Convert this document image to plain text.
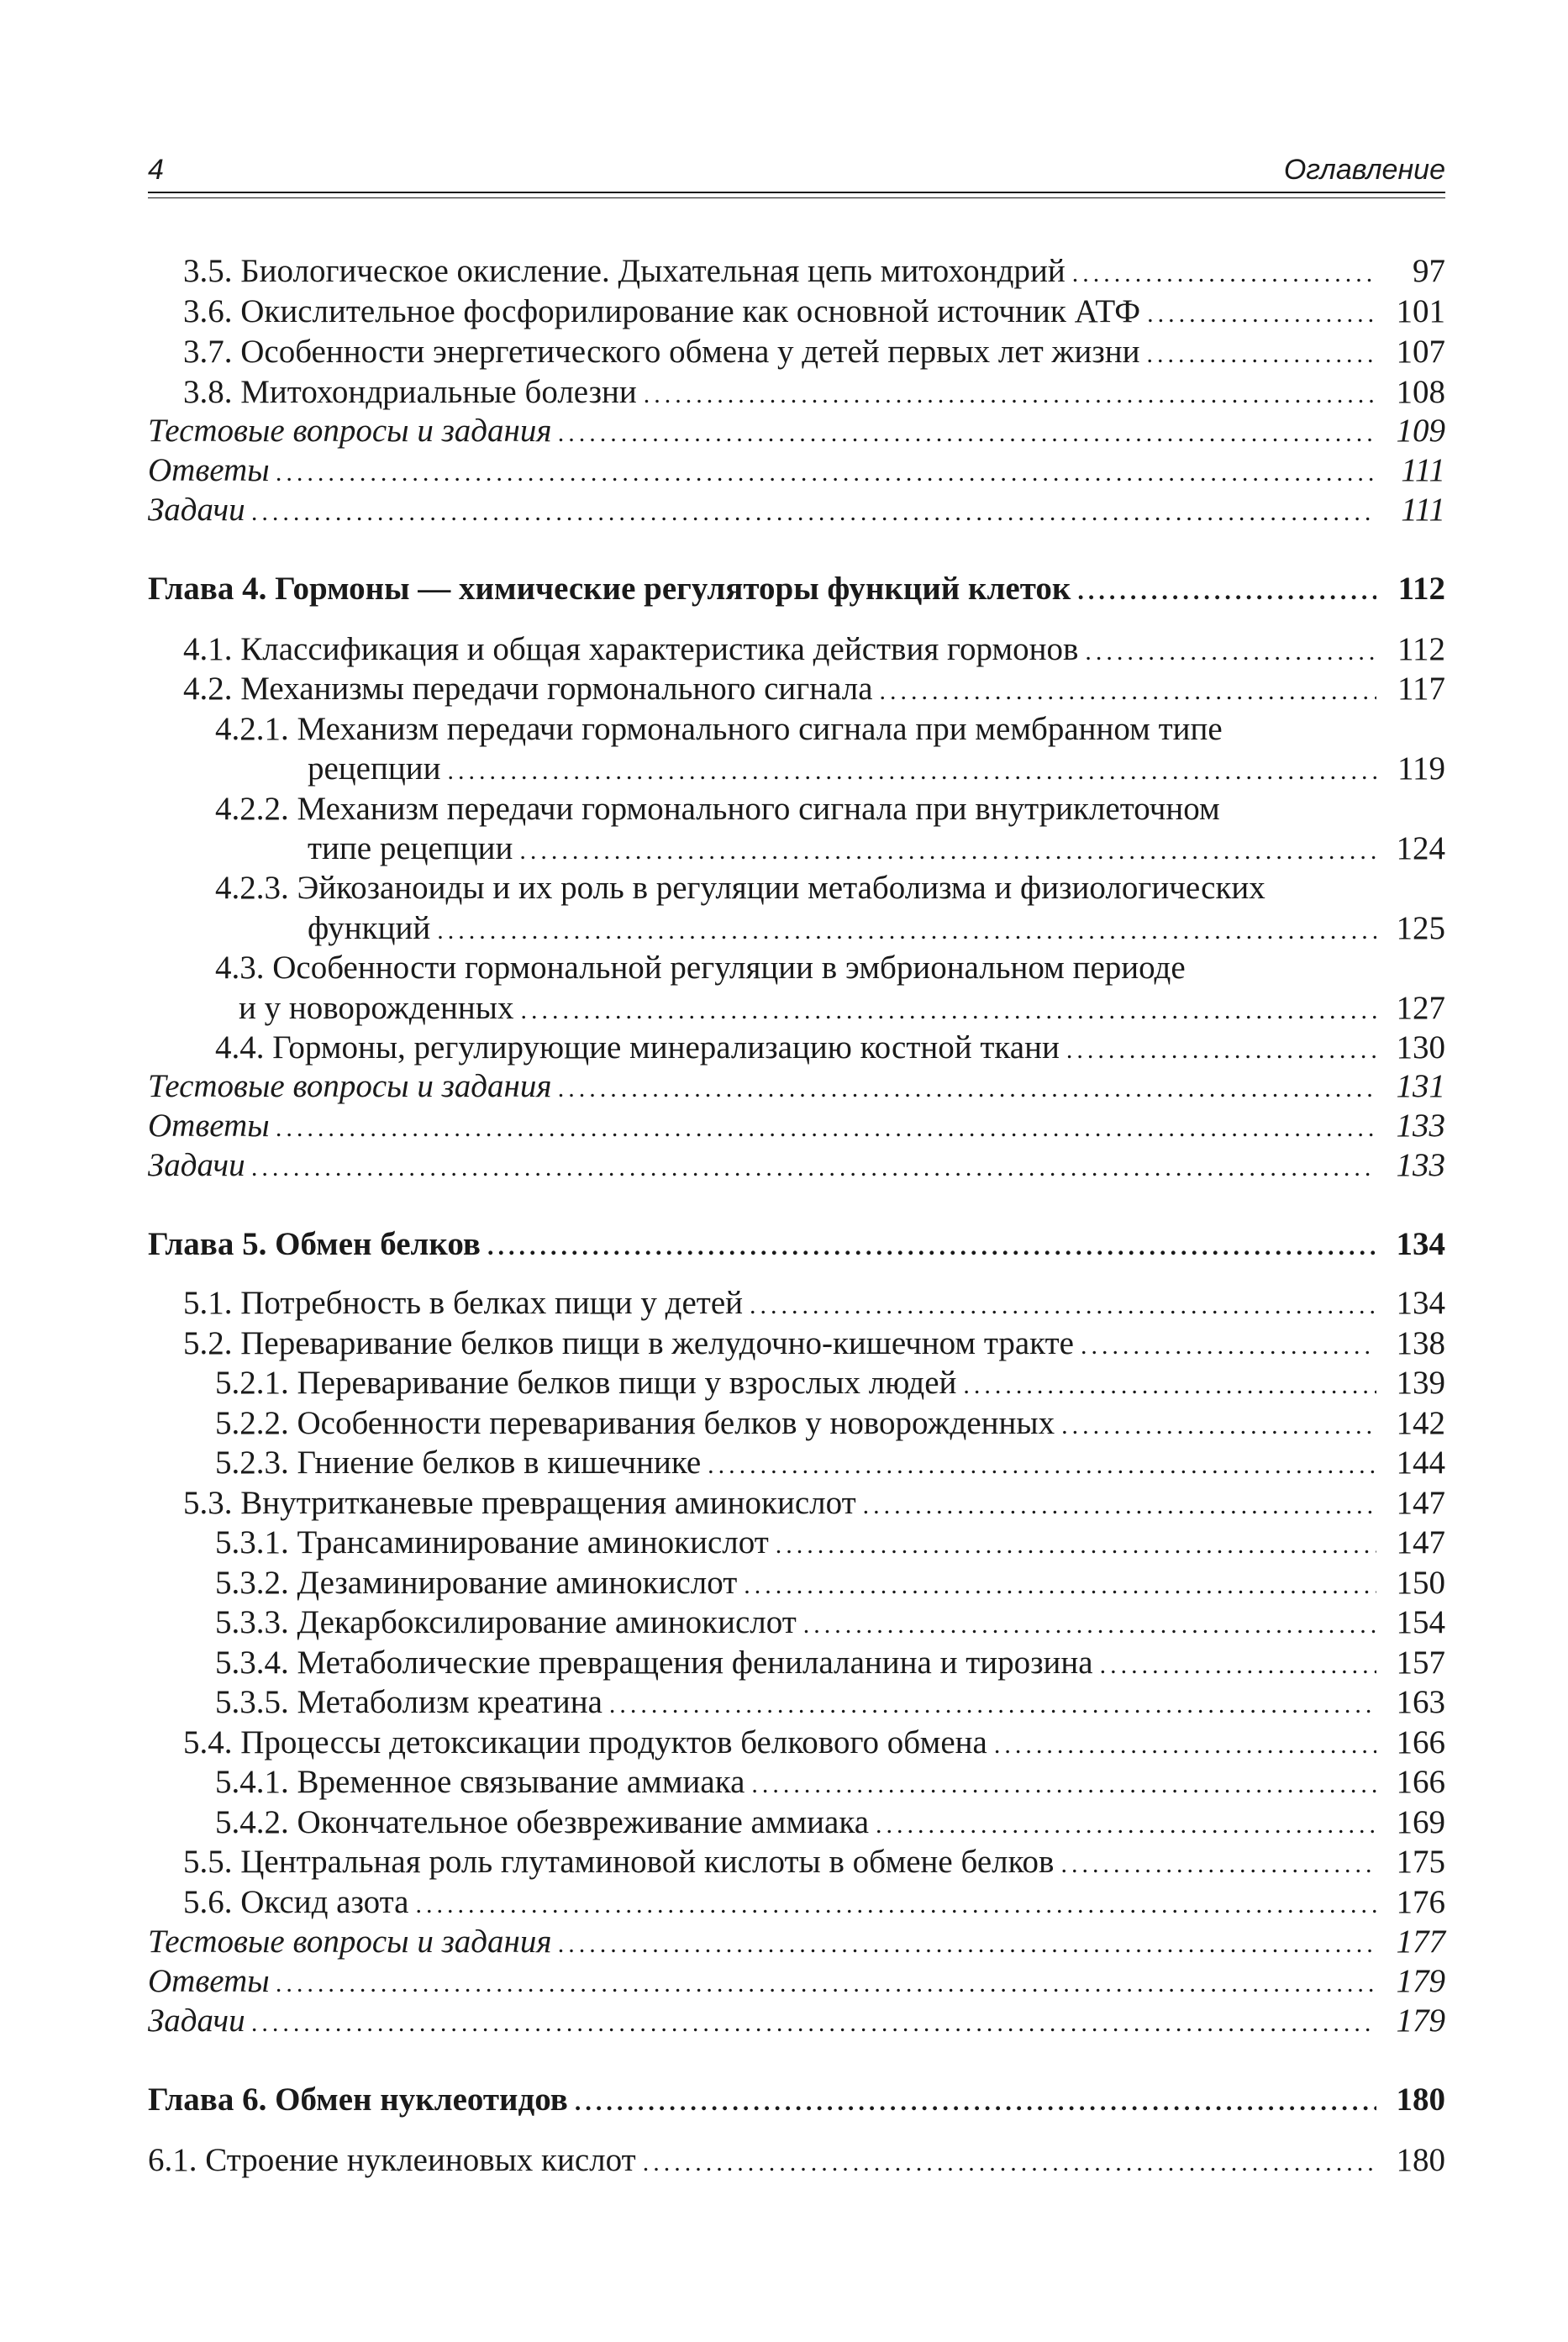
4	Оглавление
3.5. Биологическое окисление. Дыхательная цепь митохондрий .....	97
3.6. Окислительное фосфорилирование как основной источник АТФ .....	101
3.7. Особенности энергетического обмена у детей первых лет жизни .....	107
3.8. Митохондриальные болезни .....	108
Тестовые вопросы и задания .....	109
Ответы .....	111
Задачи .....	111
Глава 4. Гормоны — химические регуляторы функций клеток .....	112
4.1. Классификация и общая характеристика действия гормонов .....	112
4.2. Механизмы передачи гормонального сигнала .....	117
4.2.1. Механизм передачи гормонального сигнала при мембранном типе
рецепции .....	119
4.2.2. Механизм передачи гормонального сигнала при внутриклеточном
типе рецепции .....	124
4.2.3. Эйкозаноиды и их роль в регуляции метаболизма и физиологических
функций .....	125
4.3. Особенности гормональной регуляции в эмбриональном периоде
и у новорожденных .....	127
4.4. Гормоны, регулирующие минерализацию костной ткани .....	130
Тестовые вопросы и задания .....	131
Ответы .....	133
Задачи .....	133
Глава 5. Обмен белков .....	134
5.1. Потребность в белках пищи у детей .....	134
5.2. Переваривание белков пищи в желудочно-кишечном тракте .....	138
5.2.1. Переваривание белков пищи у взрослых людей .....	139
5.2.2. Особенности переваривания белков у новорожденных .....	142
5.2.3. Гниение белков в кишечнике .....	144
5.3. Внутритканевые превращения аминокислот .....	147
5.3.1. Трансаминирование аминокислот .....	147
5.3.2. Дезаминирование аминокислот .....	150
5.3.3. Декарбоксилирование аминокислот .....	154
5.3.4. Метаболические превращения фенилаланина и тирозина .....	157
5.3.5. Метаболизм креатина .....	163
5.4. Процессы детоксикации продуктов белкового обмена .....	166
5.4.1. Временное связывание аммиака .....	166
5.4.2. Окончательное обезвреживание аммиака .....	169
5.5. Центральная роль глутаминовой кислоты в обмене белков .....	175
5.6. Оксид азота .....	176
Тестовые вопросы и задания .....	177
Ответы .....	179
Задачи .....	179
Глава 6. Обмен нуклеотидов .....	180
6.1. Строение нуклеиновых кислот .....	180
